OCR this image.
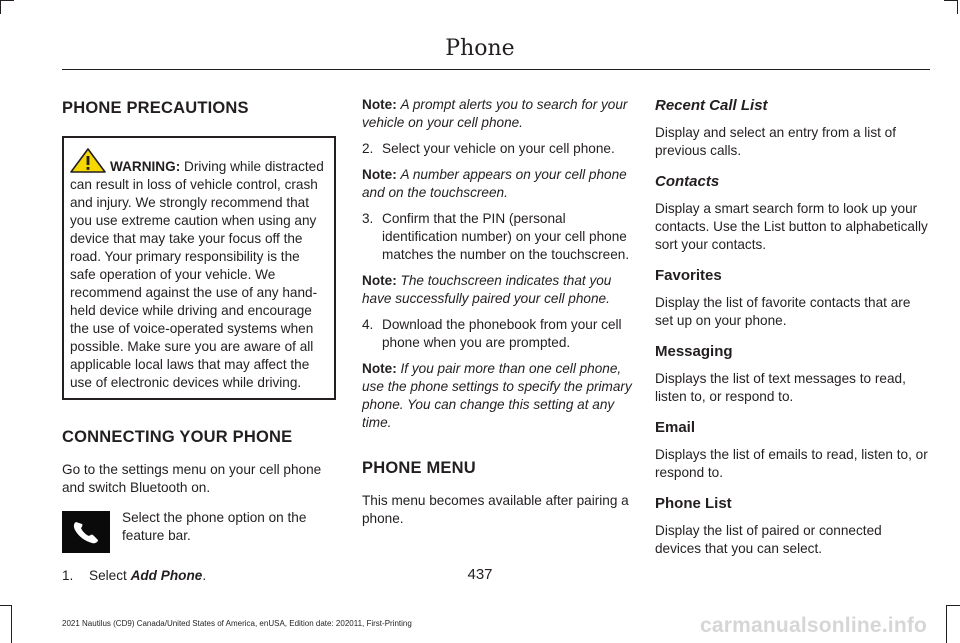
Phone
PHONE PRECAUTIONS
WARNING: Driving while distracted can result in loss of vehicle control, crash and injury. We strongly recommend that you use extreme caution when using any device that may take your focus off the road. Your primary responsibility is the safe operation of your vehicle. We recommend against the use of any hand-held device while driving and encourage the use of voice-operated systems when possible. Make sure you are aware of all applicable local laws that may affect the use of electronic devices while driving.
CONNECTING YOUR PHONE

Go to the settings menu on your cell phone and switch Bluetooth on.

Select the phone option on the feature bar.
1.	Select Add Phone.

Note: A prompt alerts you to search for your vehicle on your cell phone.

2. Select your vehicle on your cell phone.

Note: A number appears on your cell phone and on the touchscreen.

3. Confirm that the PIN (personal identification number) on your cell phone matches the number on the touchscreen.

Note: The touchscreen indicates that you have successfully paired your cell phone.

4. Download the phonebook from your cell phone when you are prompted.

Note: If you pair more than one cell phone, use the phone settings to specify the primary phone. You can change this setting at any time.

PHONE MENU

This menu becomes available after pairing a phone.

Recent Call List

Display and select an entry from a list of previous calls.

Contacts

Display a smart search form to look up your contacts. Use the List button to alphabetically sort your contacts.

Favorites

Display the list of favorite contacts that are set up on your phone.

Messaging

Displays the list of text messages to read, listen to, or respond to.

Email

Displays the list of emails to read, listen to, or respond to.

Phone List

Display the list of paired or connected devices that you can select.

437
2021 Nautilus (CD9) Canada/United States of America, enUSA, Edition date: 202011, First-Printing	carmanualsonline.info
